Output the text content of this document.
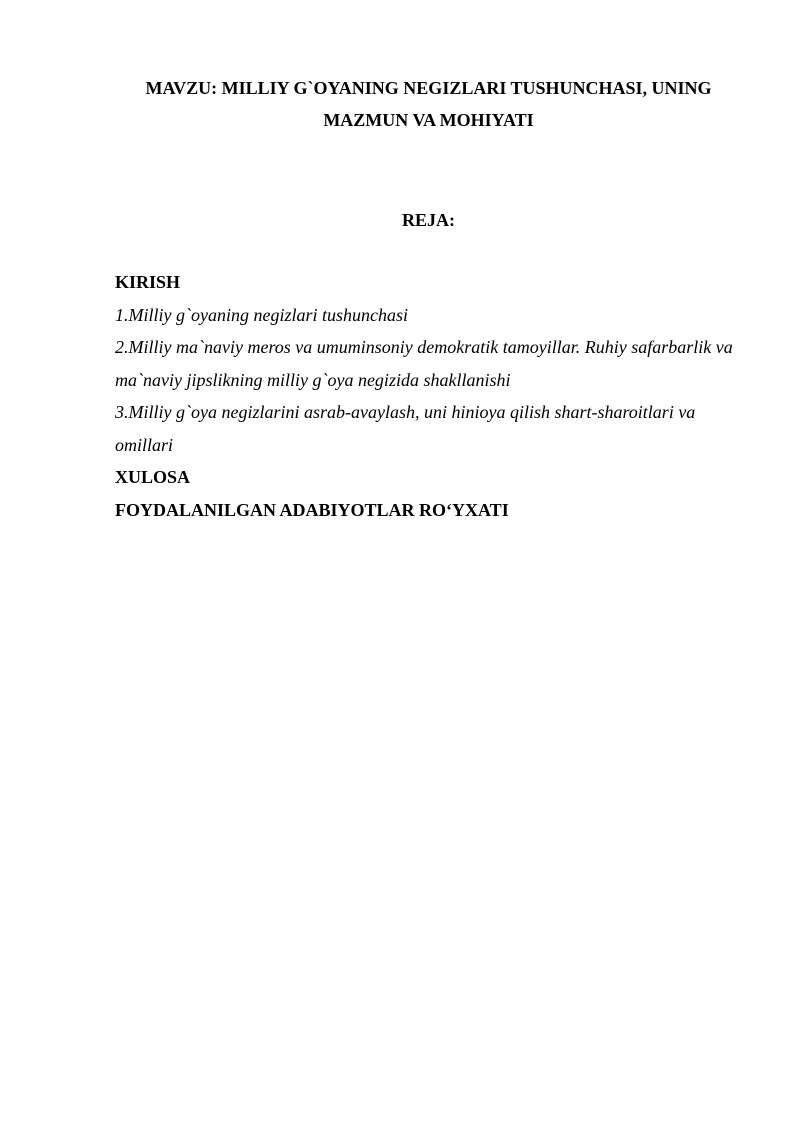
MAVZU: MILLIY G`OYANING NEGIZLARI TUSHUNCHASI, UNING
MAZMUN VA MOHIYATI
REJA:
KIRISH
1.Milliy g`oyaning negizlari tushunchasi
2.Milliy ma`naviy meros va umuminsoniy demokratik tamoyillar. Ruhiy safarbarlik va ma`naviy jipslikning milliy g`oya negizida shakllanishi
3.Milliy g`oya negizlarini asrab-avaylash, uni hinioya qilish shart-sharoitlari va omillari
XULOSA
FOYDALANILGAN ADABIYOTLAR RO‘YXATI
